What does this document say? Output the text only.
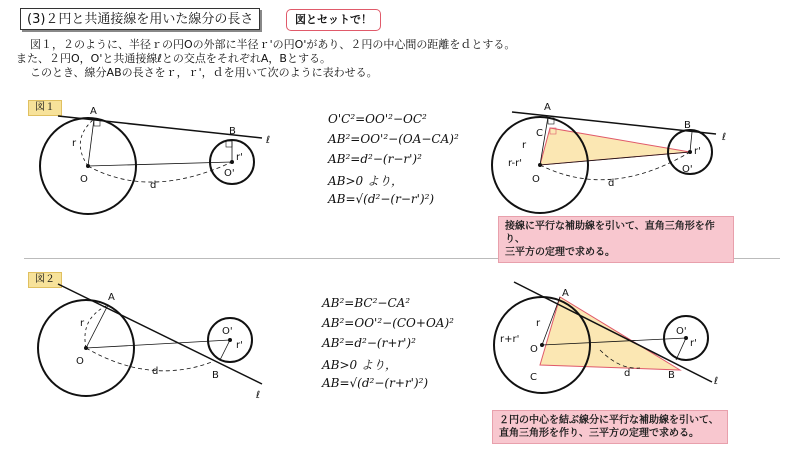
(3)２円と共通接線を用いた線分の長さ	図とセットで！
図１，２のように、半径ｒの円Oの外部に半径ｒ'の円O'があり、２円の中心間の距離をｄとする。
また、２円O，O'と共通接線ℓとの交点をそれぞれA，Bとする。
このとき、線分ABの長さをｒ，ｒ'，ｄを用いて次のように表わせる。
図１
図２
O'C²=OO'²−OC²
AB²=OO'²−(OA−CA)²
AB²=d²−(r−r')²
AB>0 より，
AB=√(d²−(r−r')²)
AB²=BC²−CA²
AB²=OO'²−(CO+OA)²
AB²=d²−(r+r')²
AB>0 より，
AB=√(d²−(r+r')²)
接線に平行な補助線を引いて、直角三角形を作り、
三平方の定理で求める。
２円の中心を結ぶ線分に平行な補助線を引いて、
直角三角形を作り、三平方の定理で求める。
A
B
ℓ
r
r'
O
O'
d
A
B
ℓ
C
r
r-r'
r'
O
O'
d
A
B
ℓ
r
r'
O
O'
d
A
B
ℓ
C
r
r+r'	r'
O
O'
d
